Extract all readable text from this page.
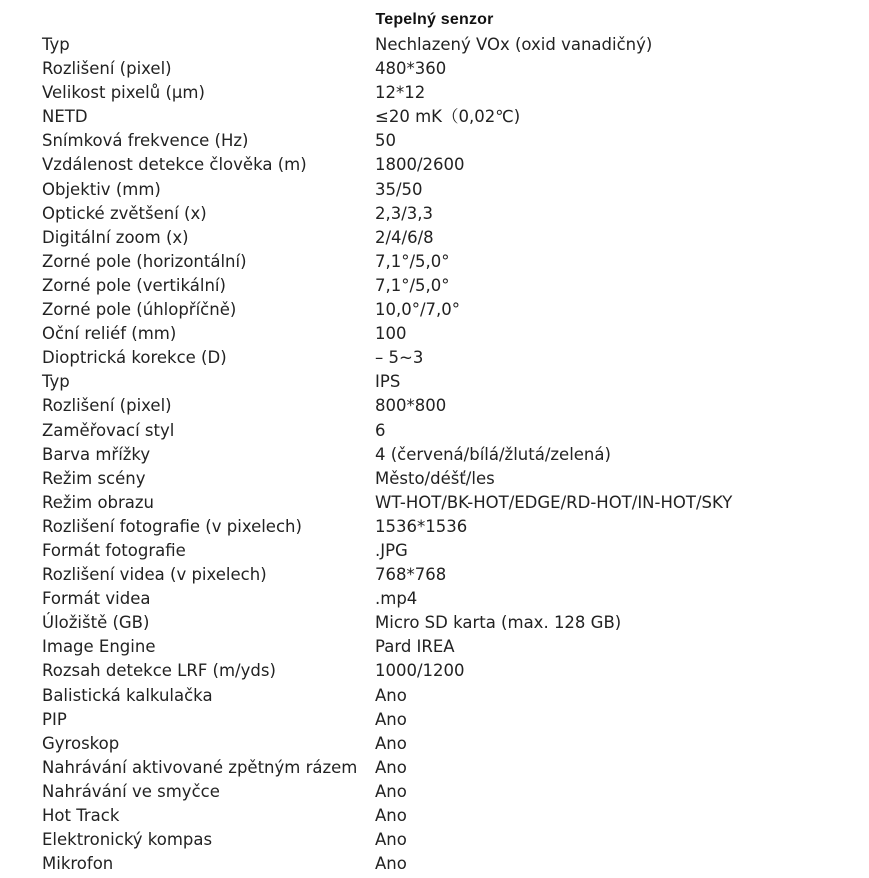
Tepelný senzor
Typ	Nechlazený VOx (oxid vanadičný)
Rozlišení (pixel)	480*360
Velikost pixelů (μm)	12*12
NETD	≤20 mK（0,02℃)
Snímková frekvence (Hz)	50
Vzdálenost detekce člověka (m)	1800/2600
Objektiv (mm)	35/50
Optické zvětšení (x)	2,3/3,3
Digitální zoom (x)	2/4/6/8
Zorné pole (horizontální)	7,1°/5,0°
Zorné pole (vertikální)	7,1°/5,0°
Zorné pole (úhlopříčně)	10,0°/7,0°
Oční reliéf (mm)	100
Dioptrická korekce (D)	– 5~3
Typ	IPS
Rozlišení (pixel)	800*800
Zaměřovací styl	6
Barva mřížky	4 (červená/bílá/žlutá/zelená)
Režim scény	Město/déšť/les
Režim obrazu	WT-HOT/BK-HOT/EDGE/RD-HOT/IN-HOT/SKY
Rozlišení fotografie (v pixelech)	1536*1536
Formát fotografie	.JPG
Rozlišení videa (v pixelech)	768*768
Formát videa	.mp4
Úložiště (GB)	Micro SD karta (max. 128 GB)
Image Engine	Pard IREA
Rozsah detekce LRF (m/yds)	1000/1200
Balistická kalkulačka	Ano
PIP	Ano
Gyroskop	Ano
Nahrávání aktivované zpětným rázem Ano
Nahrávání ve smyčce	Ano
Hot Track	Ano
Elektronický kompas	Ano
Mikrofon	Ano
